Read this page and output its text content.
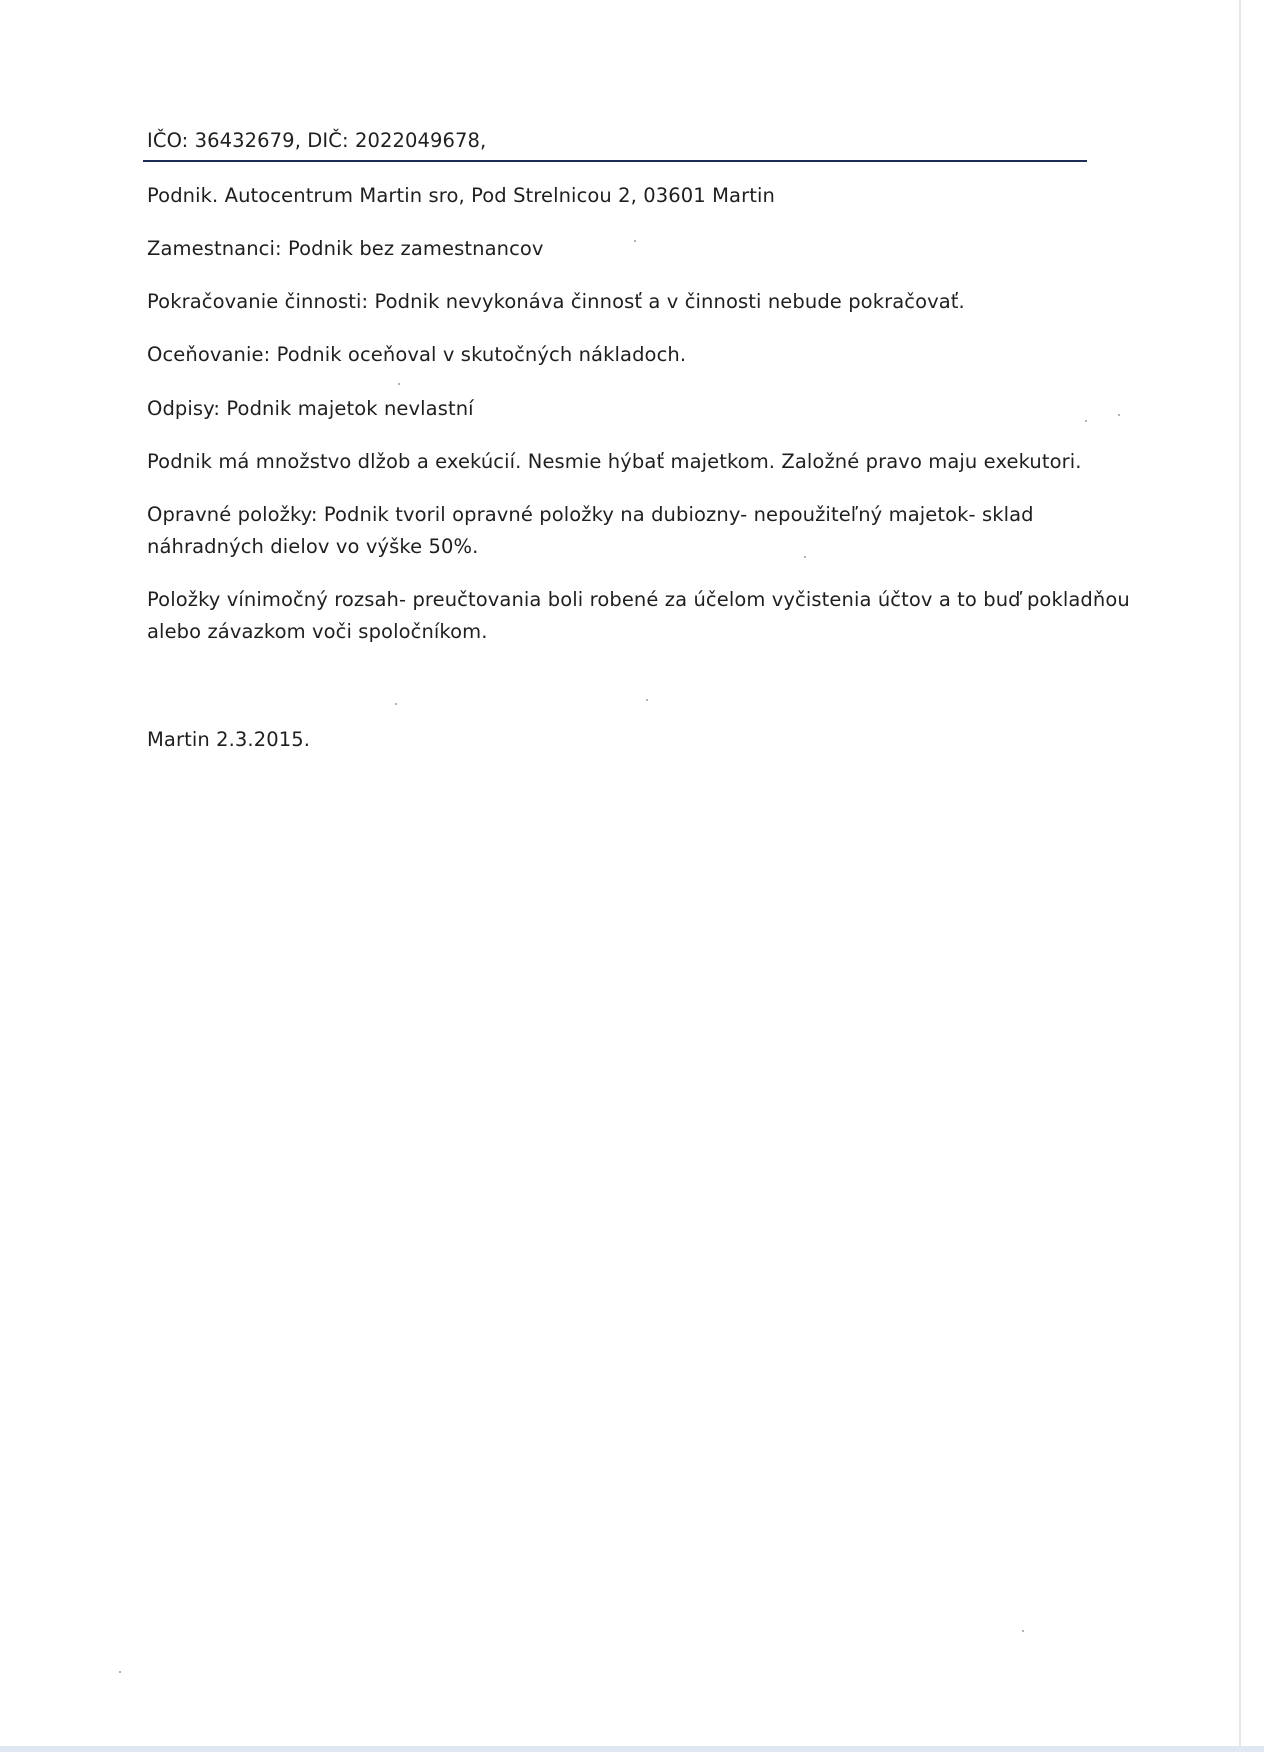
IČO: 36432679, DIČ: 2022049678,
Podnik. Autocentrum Martin sro, Pod Strelnicou 2, 03601 Martin
Zamestnanci: Podnik bez zamestnancov
Pokračovanie činnosti: Podnik nevykonáva činnosť a v činnosti nebude pokračovať.
Oceňovanie: Podnik oceňoval v skutočných nákladoch.
Odpisy: Podnik majetok nevlastní
Podnik má množstvo dlžob a exekúcií. Nesmie hýbať majetkom. Založné pravo maju exekutori.
Opravné položky: Podnik tvoril opravné položky na dubiozny- nepoužiteľný majetok- sklad
náhradných dielov vo výške 50%.
Položky vínimočný rozsah- preučtovania boli robené za účelom vyčistenia účtov a to buď pokladňou
alebo závazkom voči spoločníkom.
Martin 2.3.2015.
